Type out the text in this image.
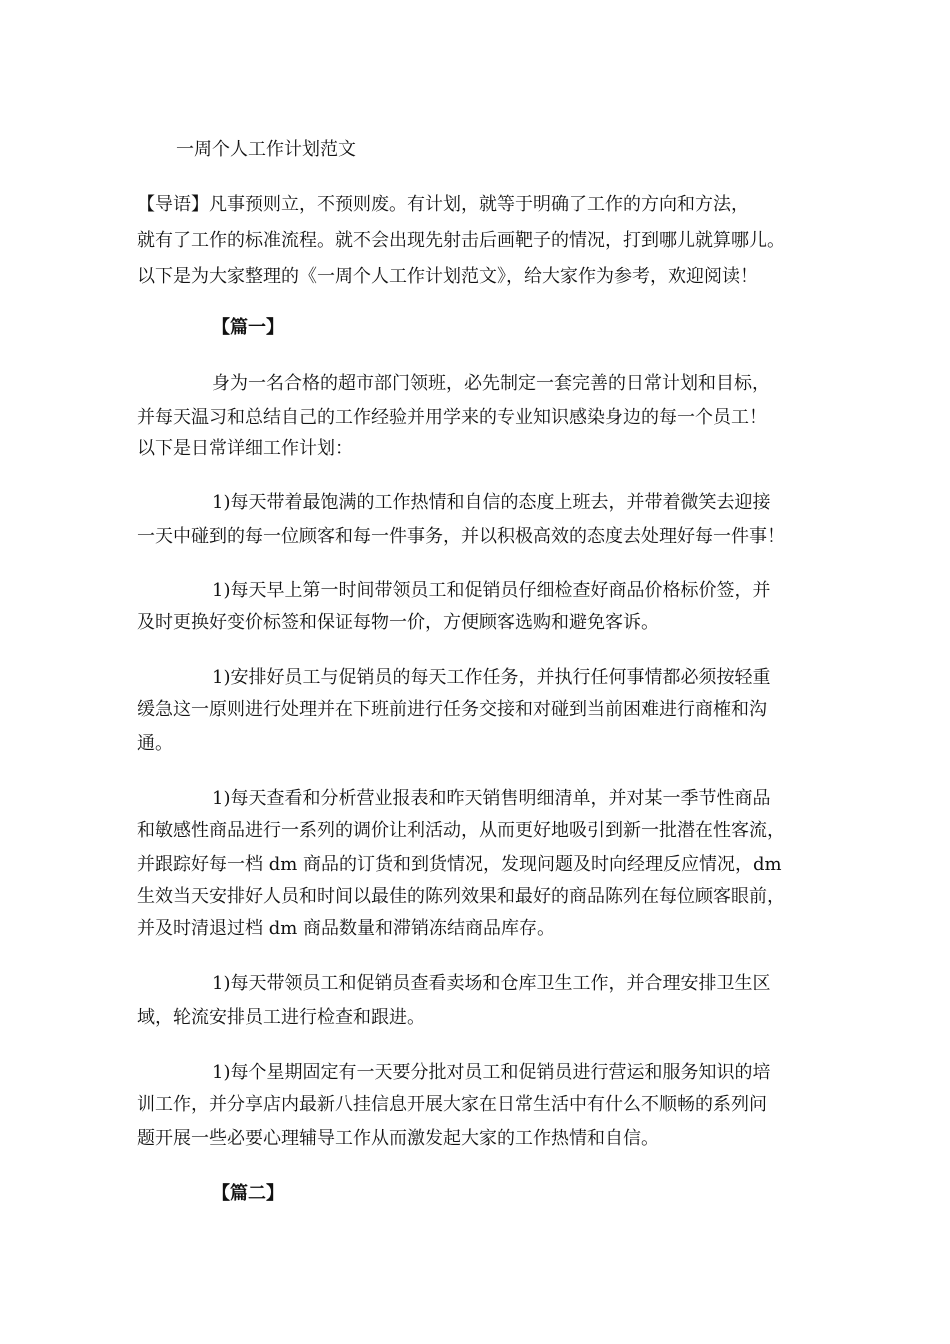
一周个人工作计划范文
【导语】凡事预则立，不预则废。有计划，就等于明确了工作的方向和方法，
就有了工作的标准流程。就不会出现先射击后画靶子的情况，打到哪儿就算哪儿。
以下是为大家整理的《一周个人工作计划范文》，给大家作为参考，欢迎阅读！
【篇一】
身为一名合格的超市部门领班，必先制定一套完善的日常计划和目标，
并每天温习和总结自己的工作经验并用学来的专业知识感染身边的每一个员工！
以下是日常详细工作计划：
1)每天带着最饱满的工作热情和自信的态度上班去，并带着微笑去迎接
一天中碰到的每一位顾客和每一件事务，并以积极高效的态度去处理好每一件事！
1)每天早上第一时间带领员工和促销员仔细检查好商品价格标价签，并
及时更换好变价标签和保证每物一价，方便顾客选购和避免客诉。
1)安排好员工与促销员的每天工作任务，并执行任何事情都必须按轻重
缓急这一原则进行处理并在下班前进行任务交接和对碰到当前困难进行商榷和沟
通。
1)每天查看和分析营业报表和昨天销售明细清单，并对某一季节性商品
和敏感性商品进行一系列的调价让利活动，从而更好地吸引到新一批潜在性客流，
并跟踪好每一档 dm 商品的订货和到货情况，发现问题及时向经理反应情况，dm
生效当天安排好人员和时间以最佳的陈列效果和最好的商品陈列在每位顾客眼前，
并及时清退过档 dm 商品数量和滞销冻结商品库存。
1)每天带领员工和促销员查看卖场和仓库卫生工作，并合理安排卫生区
域，轮流安排员工进行检查和跟进。
1)每个星期固定有一天要分批对员工和促销员进行营运和服务知识的培
训工作，并分享店内最新八挂信息开展大家在日常生活中有什么不顺畅的系列问
题开展一些必要心理辅导工作从而激发起大家的工作热情和自信。
【篇二】
